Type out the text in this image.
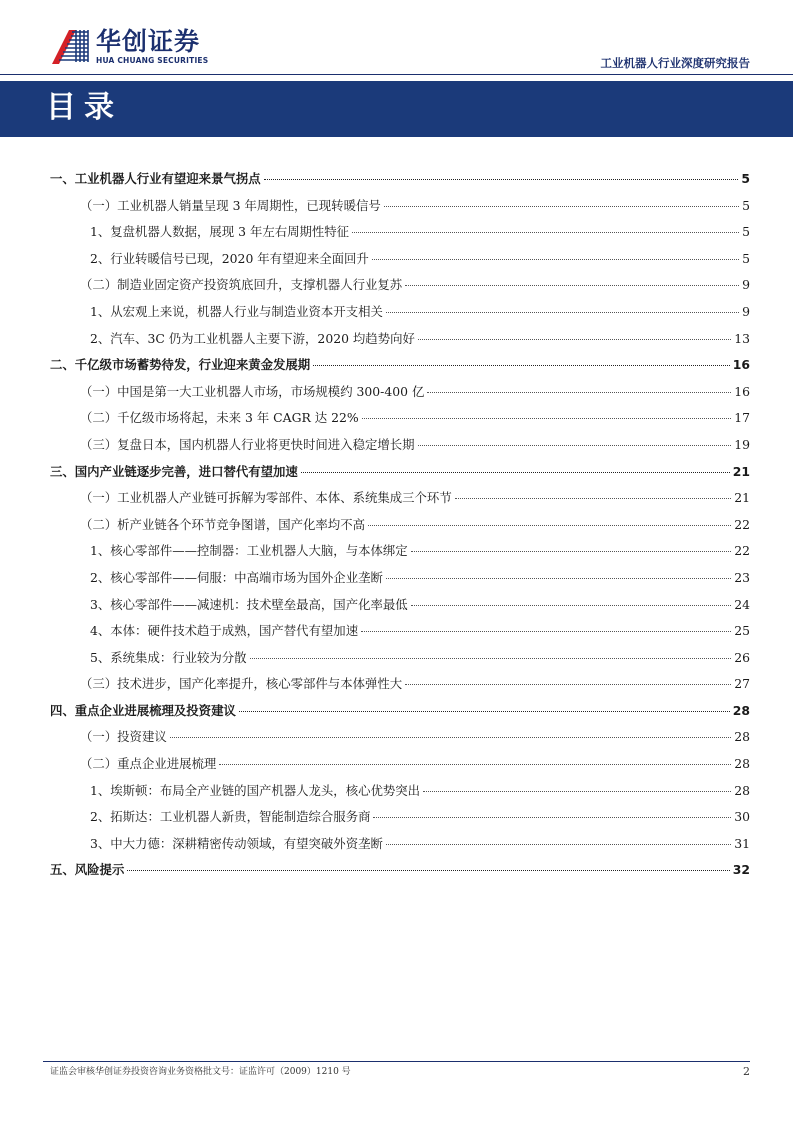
华创证券
HUA CHUANG SECURITIES	工业机器人行业深度研究报告
目录
一、工业机器人行业有望迎来景气拐点	5
（一）工业机器人销量呈现 3 年周期性，已现转暖信号	5
1、复盘机器人数据，展现 3 年左右周期性特征	5
2、行业转暖信号已现，2020 年有望迎来全面回升	5
（二）制造业固定资产投资筑底回升，支撑机器人行业复苏	9
1、从宏观上来说，机器人行业与制造业资本开支相关	9
2、汽车、3C 仍为工业机器人主要下游，2020 均趋势向好	13
二、千亿级市场蓄势待发，行业迎来黄金发展期	16
（一）中国是第一大工业机器人市场，市场规模约 300-400 亿	16
（二）千亿级市场将起，未来 3 年 CAGR 达 22%	17
（三）复盘日本，国内机器人行业将更快时间进入稳定增长期	19
三、国内产业链逐步完善，进口替代有望加速	21
（一）工业机器人产业链可拆解为零部件、本体、系统集成三个环节	21
（二）析产业链各个环节竞争图谱，国产化率均不高	22
1、核心零部件——控制器：工业机器人大脑，与本体绑定	22
2、核心零部件——伺服：中高端市场为国外企业垄断	23
3、核心零部件——减速机：技术壁垒最高，国产化率最低	24
4、本体：硬件技术趋于成熟，国产替代有望加速	25
5、系统集成：行业较为分散	26
（三）技术进步，国产化率提升，核心零部件与本体弹性大	27
四、重点企业进展梳理及投资建议	28
（一）投资建议	28
（二）重点企业进展梳理	28
1、埃斯顿：布局全产业链的国产机器人龙头，核心优势突出	28
2、拓斯达：工业机器人新贵，智能制造综合服务商	30
3、中大力德：深耕精密传动领域，有望突破外资垄断	31
五、风险提示	32
证监会审核华创证券投资咨询业务资格批文号：证监许可（2009）1210 号	2
